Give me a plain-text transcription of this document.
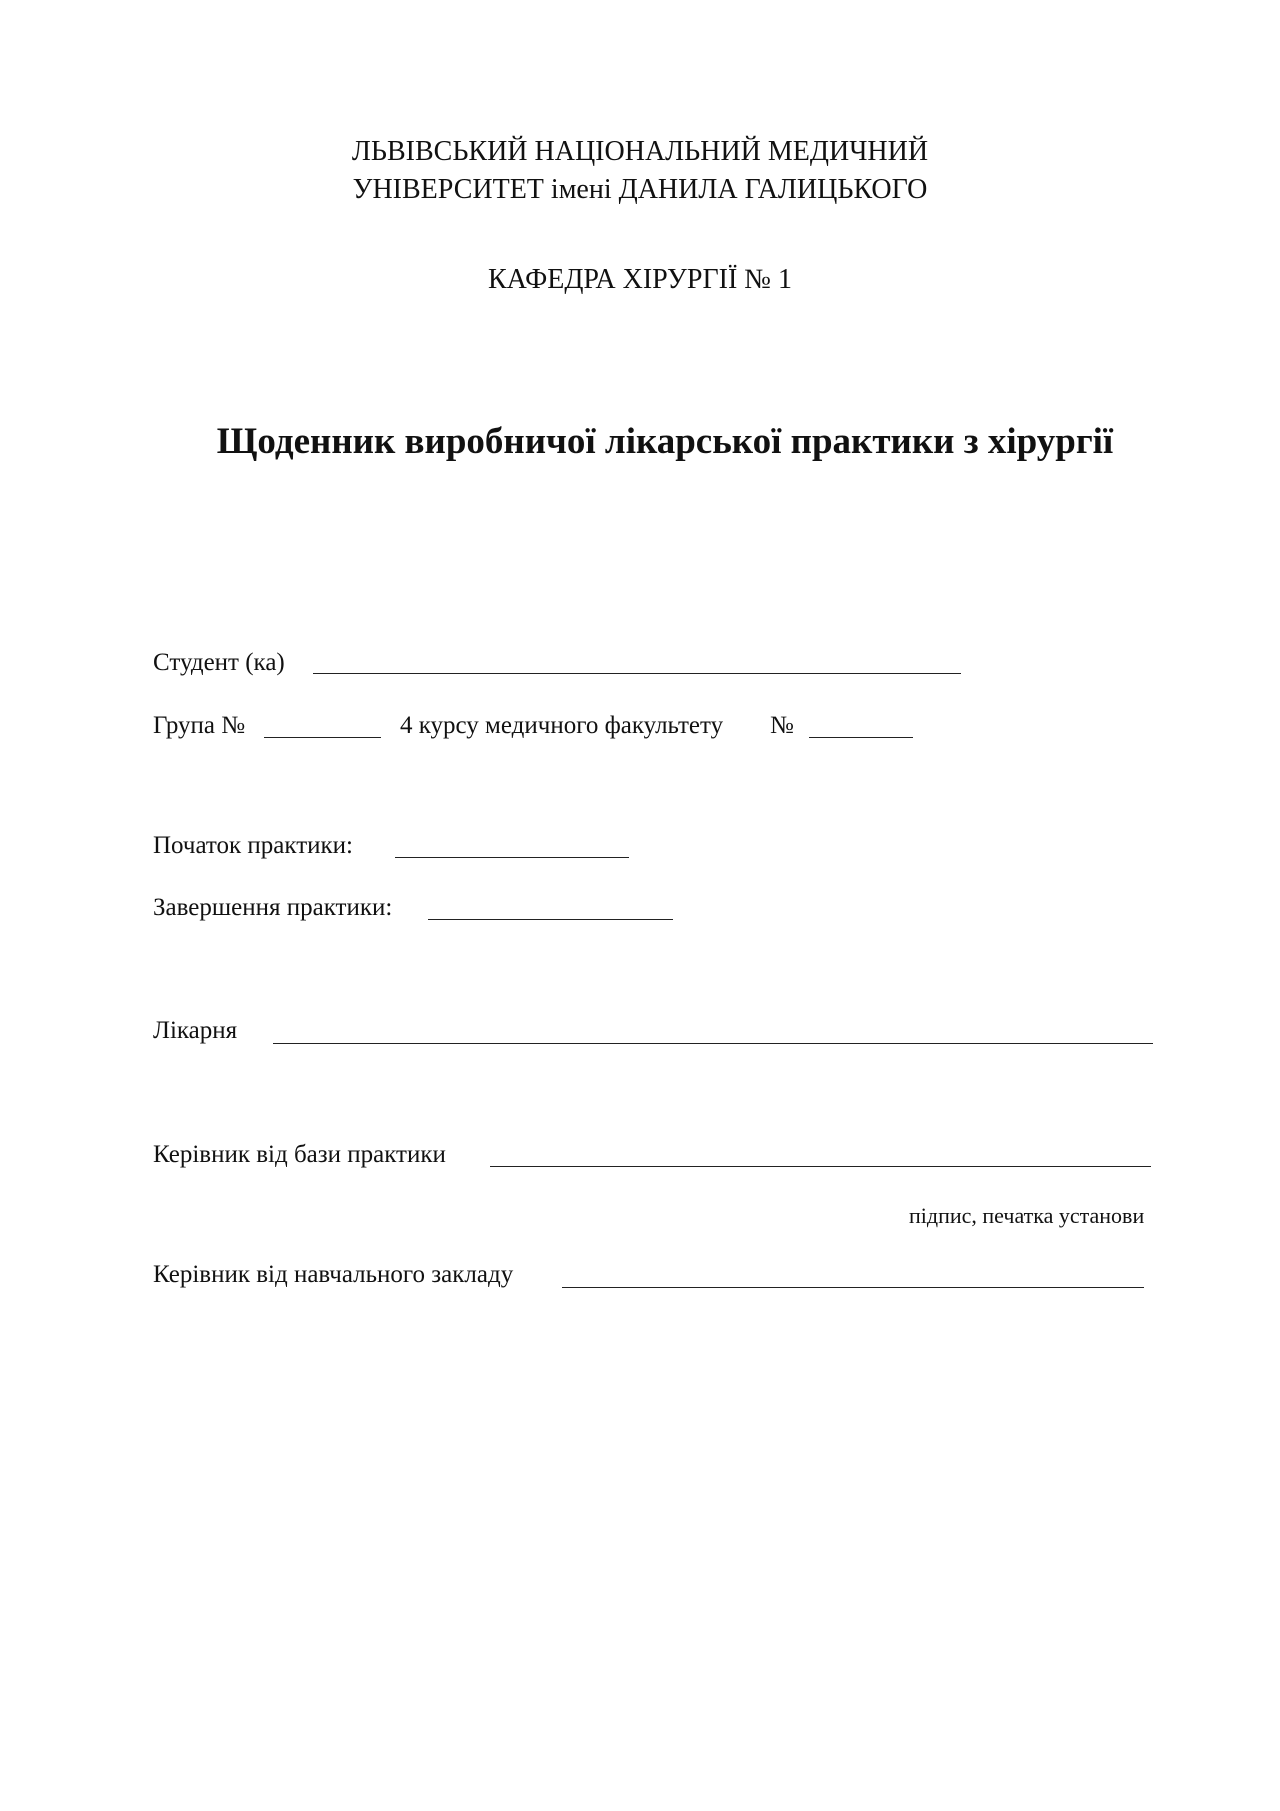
ЛЬВІВСЬКИЙ НАЦІОНАЛЬНИЙ МЕДИЧНИЙ
УНІВЕРСИТЕТ імені ДАНИЛА ГАЛИЦЬКОГО
КАФЕДРА ХІРУРГІЇ № 1
Щоденник виробничої лікарської практики з хірургії
Студент (ка)
Група №	4 курсу медичного факультету №
Початок практики:
Завершення практики:
Лікарня
Керівник від бази практики
підпис, печатка установи
Керівник від навчального закладу
